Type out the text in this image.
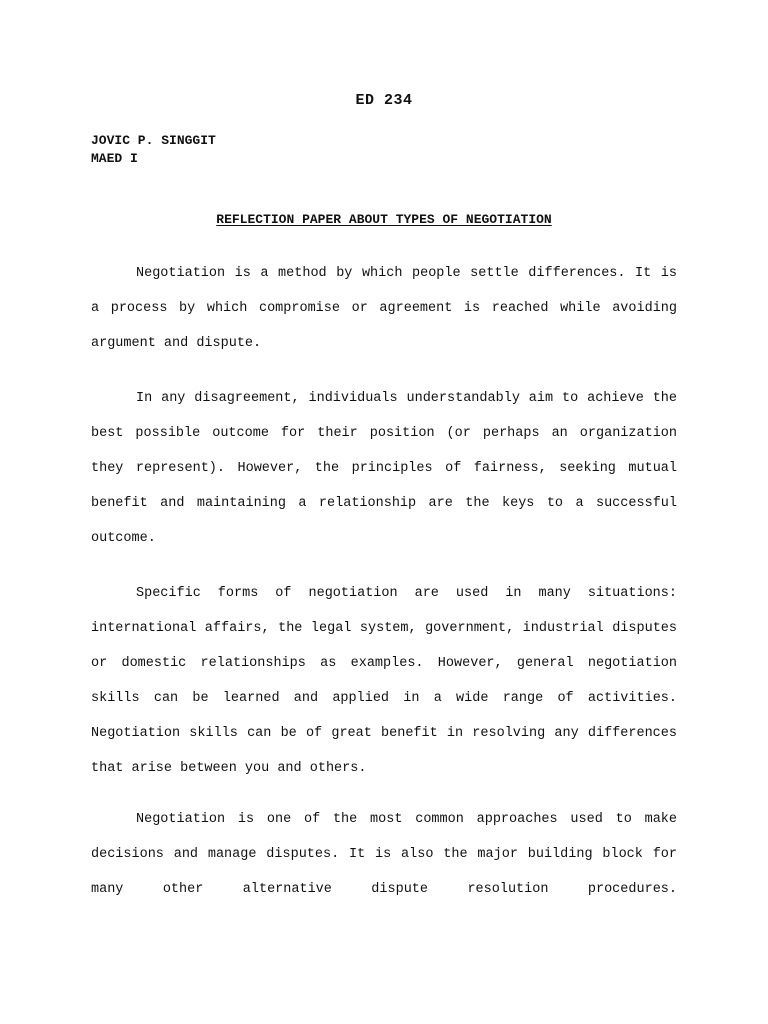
ED 234
JOVIC P. SINGGIT
MAED I
REFLECTION PAPER ABOUT TYPES OF NEGOTIATION

Negotiation is a method by which people settle differences. It is a process by which compromise or agreement is reached while avoiding argument and dispute.

In any disagreement, individuals understandably aim to achieve the best possible outcome for their position (or perhaps an organization they represent). However, the principles of fairness, seeking mutual benefit and maintaining a relationship are the keys to a successful outcome.

Specific forms of negotiation are used in many situations: international affairs, the legal system, government, industrial disputes or domestic relationships as examples. However, general negotiation skills can be learned and applied in a wide range of activities. Negotiation skills can be of great benefit in resolving any differences that arise between you and others.

Negotiation is one of the most common approaches used to make decisions and manage disputes. It is also the major building block for many other alternative dispute resolution procedures.
